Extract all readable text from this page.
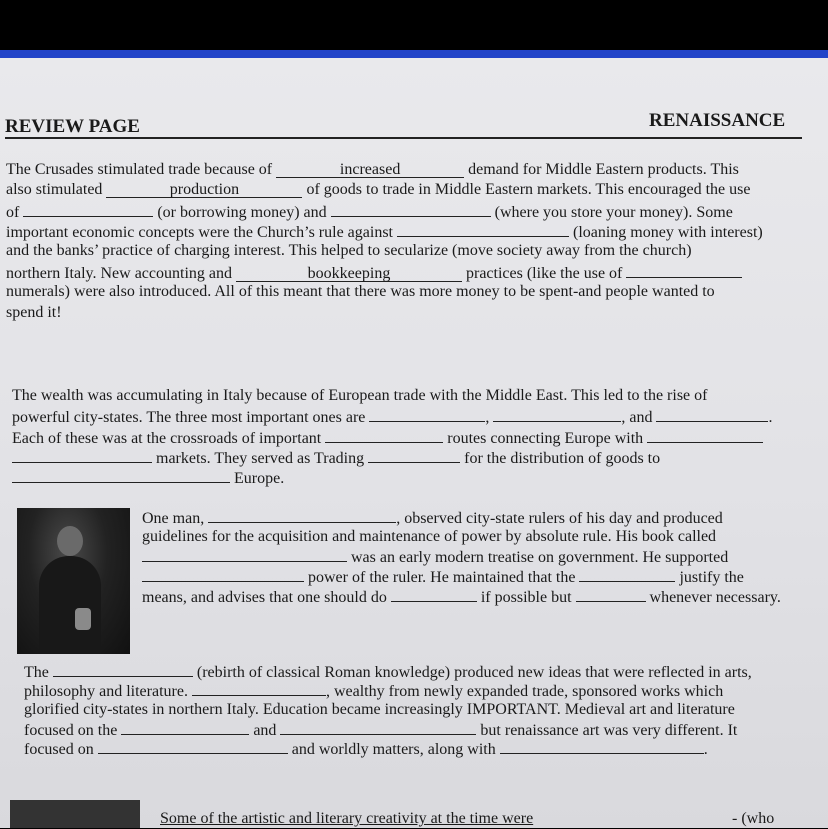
REVIEW PAGE	RENAISSANCE
The Crusades stimulated trade because of	increased	demand for Middle Eastern products. This
also stimulated	production	of goods to trade in Middle Eastern markets. This encouraged the use
of	(or borrowing money) and	(where you store your money). Some
important economic concepts were the Church’s rule against	(loaning money with interest)
and the banks’ practice of charging interest. This helped to secularize (move society away from the church)
northern Italy. New accounting and	bookkeeping	practices (like the use of
numerals) were also introduced. All of this meant that there was more money to be spent-and people wanted to
spend it!
The wealth was accumulating in Italy because of European trade with the Middle East. This led to the rise of
powerful city-states. The three most important ones are	,	, and	.
Each of these was at the crossroads of important	routes connecting Europe with
markets. They served as Trading	for the distribution of goods to
Europe.
One man,	, observed city-state rulers of his day and produced
guidelines for the acquisition and maintenance of power by absolute rule. His book called
was an early modern treatise on government. He supported
power of the ruler. He maintained that the	justify the
means, and advises that one should do	if possible but	whenever necessary.
The	(rebirth of classical Roman knowledge) produced new ideas that were reflected in arts,
philosophy and literature.	, wealthy from newly expanded trade, sponsored works which
glorified city-states in northern Italy. Education became increasingly IMPORTANT. Medieval art and literature
focused on the	and	but renaissance art was very different. It
focused on	and worldly matters, along with	.
Some of the artistic and literary creativity at the time were	- (who
